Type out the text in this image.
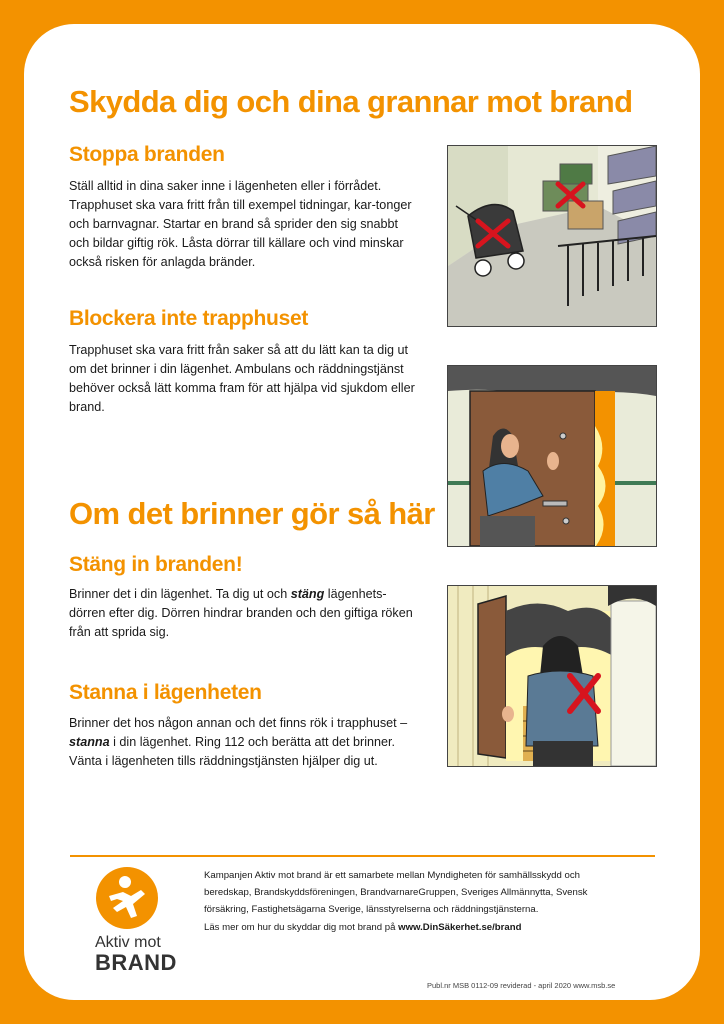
Skydda dig och dina grannar mot brand
Stoppa branden

Ställ alltid in dina saker inne i lägenheten eller i förrådet. Trapphuset ska vara fritt från till exempel tidningar, kar-tonger och barnvagnar. Startar en brand så sprider den sig snabbt och bildar giftig rök. Låsta dörrar till källare och vind minskar också risken för anlagda bränder.

Blockera inte trapphuset

Trapphuset ska vara fritt från saker så att du lätt kan ta dig ut om det brinner i din lägenhet. Ambulans och räddningstjänst behöver också lätt komma fram för att hjälpa vid sjukdom eller brand.

Om det brinner gör så här
Stäng in branden!

Brinner det i din lägenhet. Ta dig ut och stäng lägenhets-dörren efter dig. Dörren hindrar branden och den giftiga röken från att sprida sig.

Stanna i lägenheten

Brinner det hos någon annan och det finns rök i trapphuset – stanna i din lägenhet. Ring 112 och berätta att det brinner. Vänta i lägenheten tills räddningstjänsten hjälper dig ut.

Aktiv mot
BRAND

Kampanjen Aktiv mot brand är ett samarbete mellan Myndigheten för samhällsskydd och beredskap, Brandskyddsföreningen, BrandvarnareGruppen, Sveriges Allmännytta, Svensk försäkring, Fastighetsägarna Sverige, länsstyrelserna och räddningstjänsterna.

Läs mer om hur du skyddar dig mot brand på www.DinSäkerhet.se/brand
Publ.nr MSB 0112-09 reviderad - april 2020 www.msb.se
